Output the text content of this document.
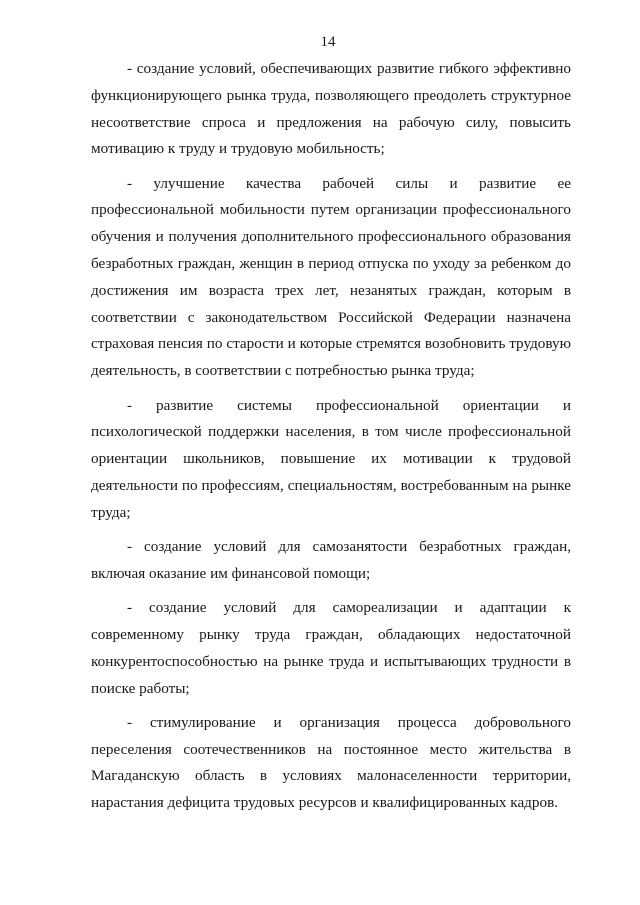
14

- создание условий, обеспечивающих развитие гибкого эффективно функционирующего рынка труда, позволяющего преодолеть структурное несоответствие спроса и предложения на рабочую силу, повысить мотивацию к труду и трудовую мобильность;

- улучшение качества рабочей силы и развитие ее профессиональной мобильности путем организации профессионального обучения и получения дополнительного профессионального образования безработных граждан, женщин в период отпуска по уходу за ребенком до достижения им возраста трех лет, незанятых граждан, которым в соответствии с законодательством Российской Федерации назначена страховая пенсия по старости и которые стремятся возобновить трудовую деятельность, в соответствии с потребностью рынка труда;

- развитие системы профессиональной ориентации и психологической поддержки населения, в том числе профессиональной ориентации школьников, повышение их мотивации к трудовой деятельности по профессиям, специальностям, востребованным на рынке труда;

- создание условий для самозанятости безработных граждан, включая оказание им финансовой помощи;

- создание условий для самореализации и адаптации к современному рынку труда граждан, обладающих недостаточной конкурентоспособностью на рынке труда и испытывающих трудности в поиске работы;

- стимулирование и организация процесса добровольного переселения соотечественников на постоянное место жительства в Магаданскую область в условиях малонаселенности территории, нарастания дефицита трудовых ресурсов и квалифицированных кадров.
